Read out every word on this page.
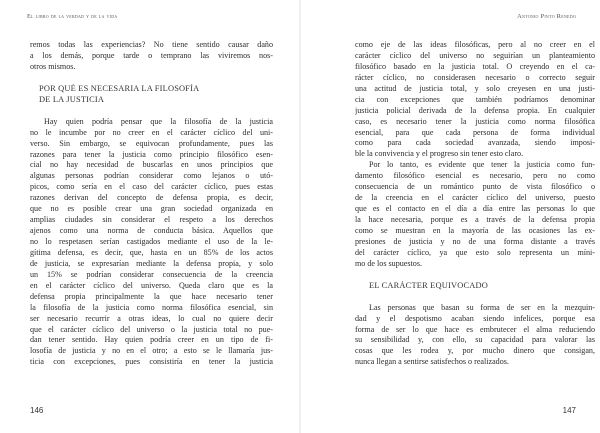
El libro de la verdad y de la vida
remos todas las experiencias? No tiene sentido causar daño
a los demás, porque tarde o temprano las viviremos nos-
otros mismos.
POR QUÉ ES NECESARIA LA FILOSOFÍA
DE LA JUSTICIA
Hay quien podría pensar que la filosofía de la justicia
no le incumbe por no creer en el carácter cíclico del uni-
verso. Sin embargo, se equivocan profundamente, pues las
razones para tener la justicia como principio filosófico esen-
cial no hay necesidad de buscarlas en unos principios que
algunas personas podrían considerar como lejanos o utó-
picos, como sería en el caso del carácter cíclico, pues estas
razones derivan del concepto de defensa propia, es decir,
que no es posible crear una gran sociedad organizada en
amplias ciudades sin considerar el respeto a los derechos
ajenos como una norma de conducta básica. Aquellos que
no lo respetasen serían castigados mediante el uso de la le-
gítima defensa, es decir, que, hasta en un 85% de los actos
de justicia, se expresarían mediante la defensa propia, y solo
un 15% se podrían considerar consecuencia de la creencia
en el carácter cíclico del universo. Queda claro que es la
defensa propia principalmente la que hace necesario tener
la filosofía de la justicia como norma filosófica esencial, sin
ser necesario recurrir a otras ideas, lo cual no quiere decir
que el carácter cíclico del universo o la justicia total no pue-
dan tener sentido. Hay quien podría creer en un tipo de fi-
losofía de justicia y no en el otro; a esto se le llamaría jus-
ticia con excepciones, pues consistiría en tener la justicia
146
Antonio Pinto Renedo
como eje de las ideas filosóficas, pero al no creer en el
carácter cíclico del universo no seguirían un planteamiento
filosófico basado en la justicia total. O creyendo en el ca-
rácter cíclico, no considerasen necesario o correcto seguir
una actitud de justicia total, y solo creyesen en una justi-
cia con excepciones que también podríamos denominar
justicia policial derivada de la defensa propia. En cualquier
caso, es necesario tener la justicia como norma filosófica
esencial, para que cada persona de forma individual
como para cada sociedad avanzada, siendo imposi-
ble la convivencia y el progreso sin tener esto claro.
Por lo tanto, es evidente que tener la justicia como fun-
damento filosófico esencial es necesario, pero no como
consecuencia de un romántico punto de vista filosófico o
de la creencia en el carácter cíclico del universo, puesto
que es el contacto en el día a día entre las personas lo que
la hace necesaria, porque es a través de la defensa propia
como se muestran en la mayoría de las ocasiones las ex-
presiones de justicia y no de una forma distante a través
del carácter cíclico, ya que esto solo representa un míni-
mo de los supuestos.
EL CARÁCTER EQUIVOCADO
Las personas que basan su forma de ser en la mezquin-
dad y el despotismo acaban siendo infelices, porque esa
forma de ser lo que hace es embrutecer el alma reduciendo
su sensibilidad y, con ello, su capacidad para valorar las
cosas que les rodea y, por mucho dinero que consigan,
nunca llegan a sentirse satisfechos o realizados.
147
